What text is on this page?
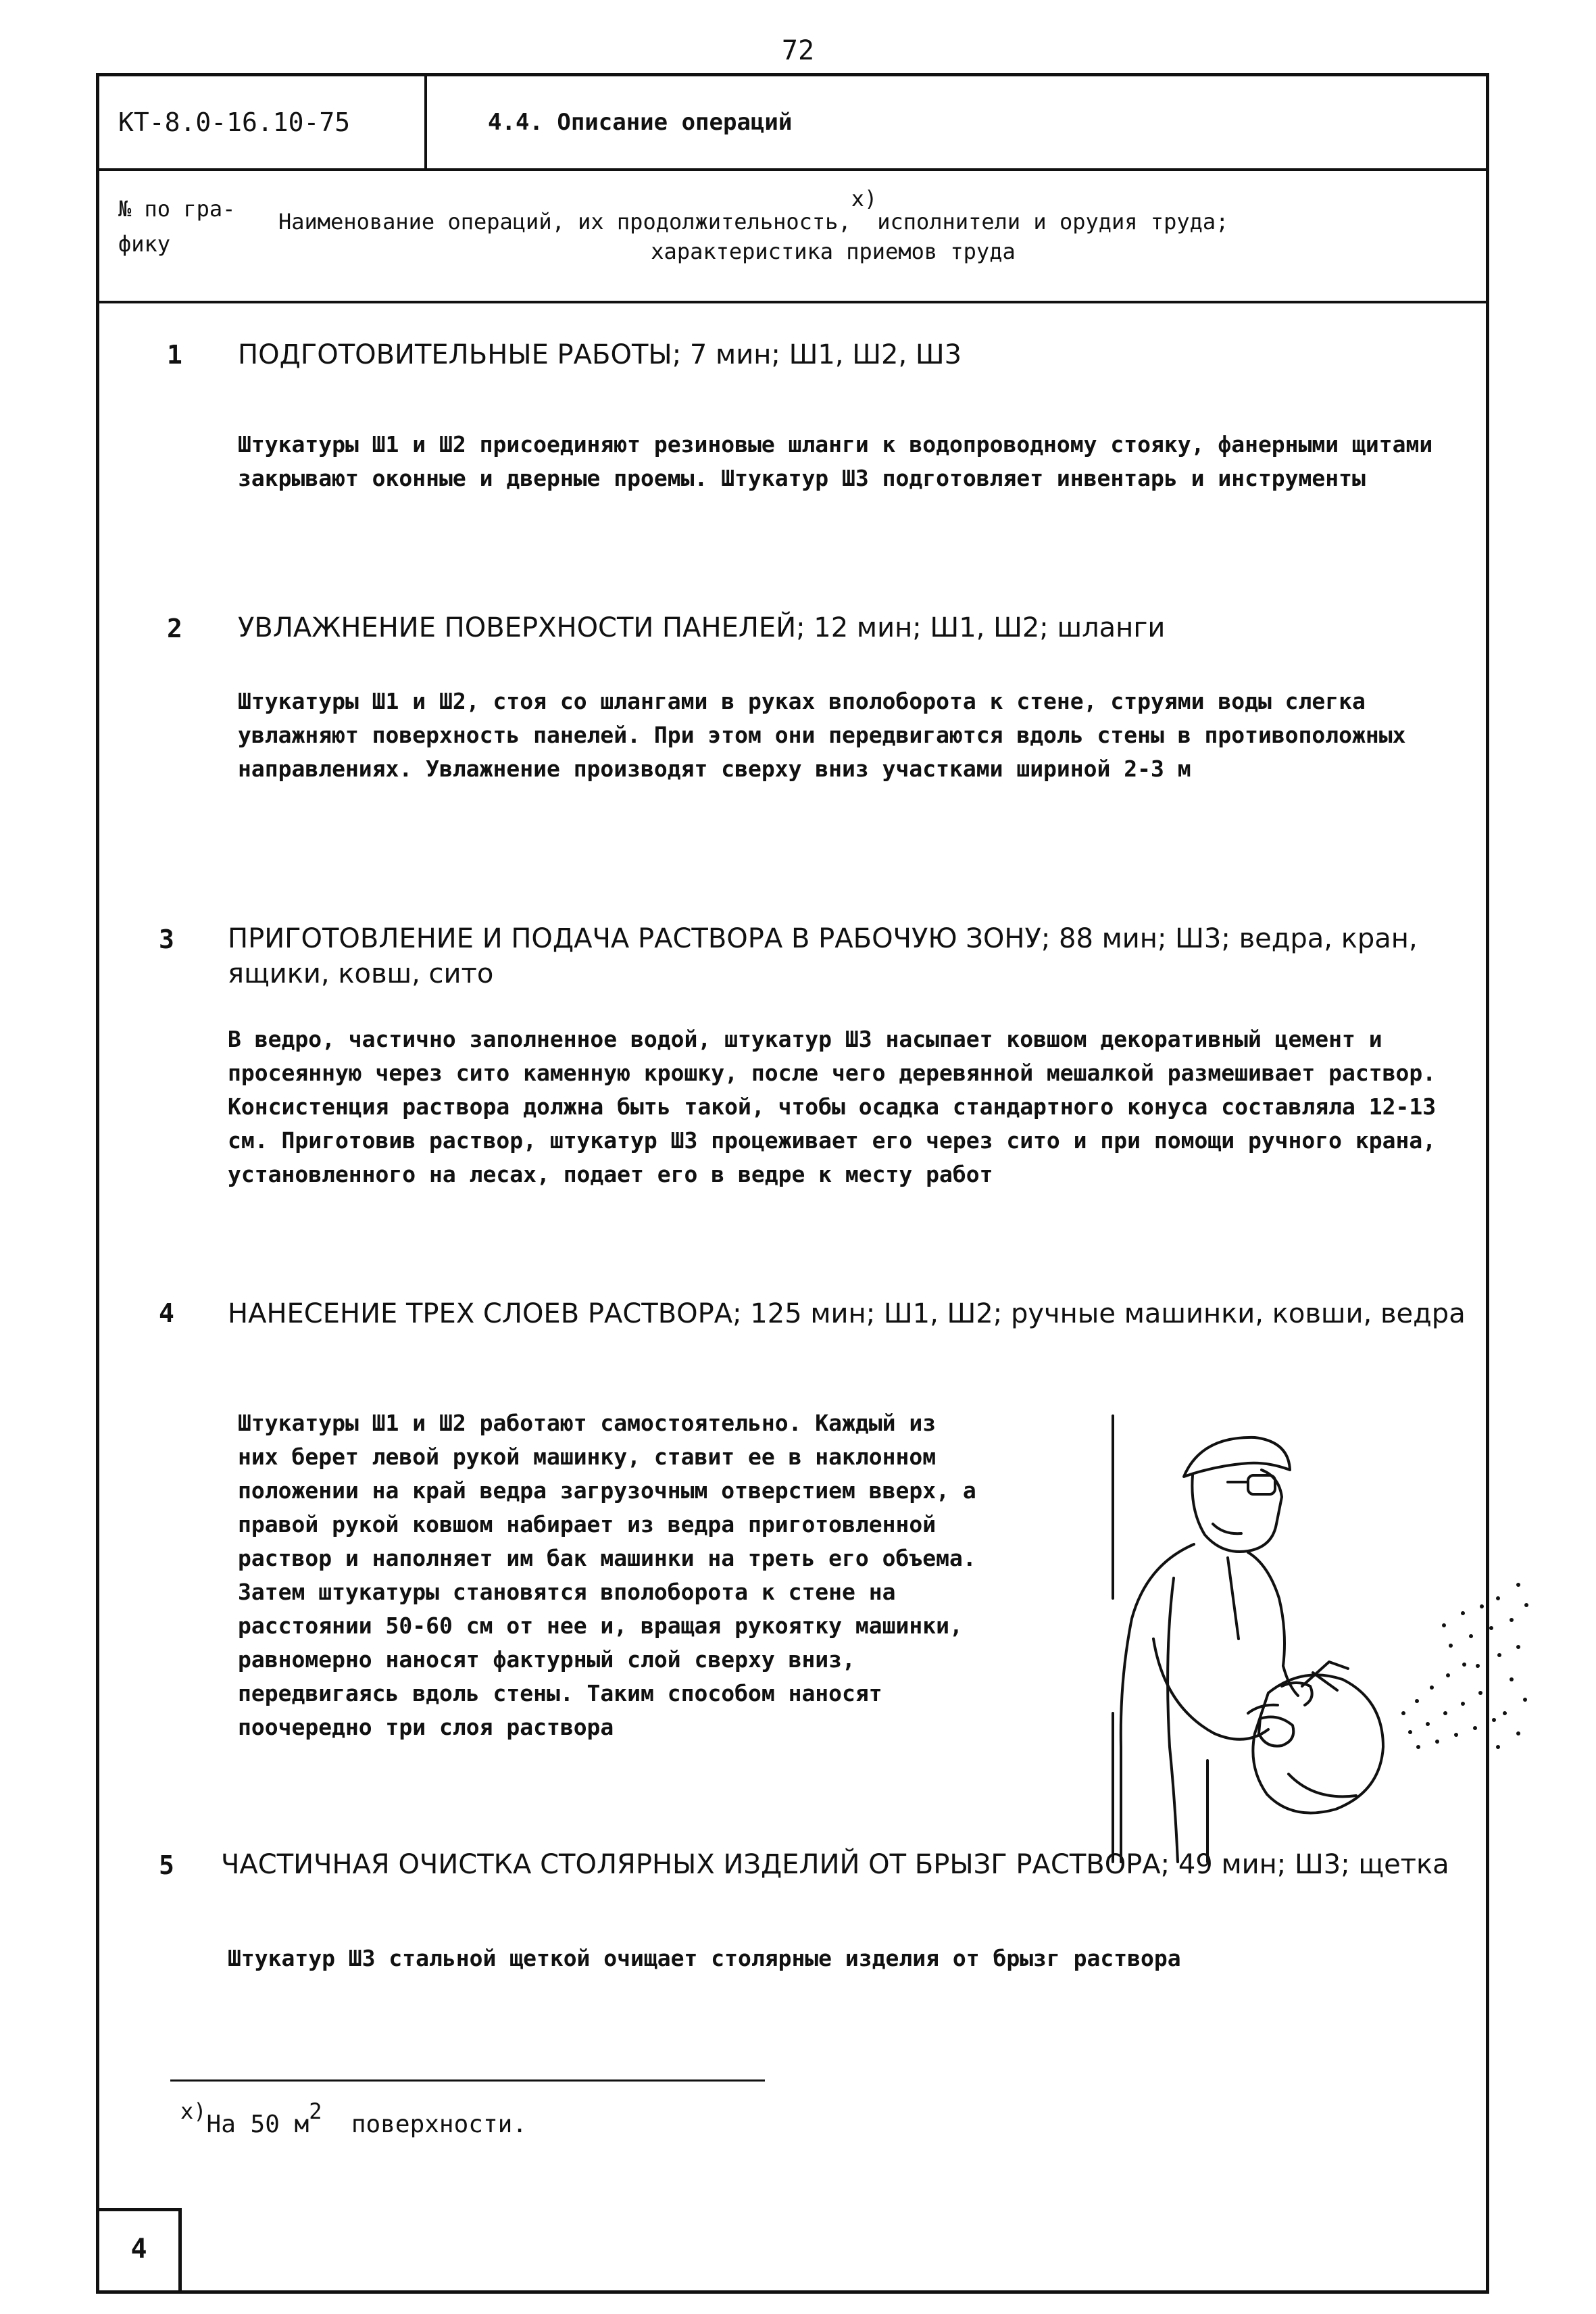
72
КТ-8.0-16.10-75	4.4. Описание операций
№ по гра- фику
Наименование операций, их продолжительность,$^{x)}$исполнители и орудия труда;
характеристика приемов труда
1 ПОДГОТОВИТЕЛЬНЫЕ РАБОТЫ; 7 мин; Ш1, Ш2, Ш3
Штукатуры Ш1 и Ш2 присоединяют резиновые шланги к водопроводному стояку, фанерными щитами закрывают оконные и дверные проемы. Штукатур Ш3 подготовляет инвентарь и инструменты
2 УВЛАЖНЕНИЕ ПОВЕРХНОСТИ ПАНЕЛЕЙ; 12 мин; Ш1, Ш2; шланги
Штукатуры Ш1 и Ш2, стоя со шлангами в руках вполоборота к стене, струями воды слегка увлажняют поверхность панелей. При этом они передвигаются вдоль стены в противоположных направлениях. Увлажнение производят сверху вниз участками шириной 2-3 м
3 ПРИГОТОВЛЕНИЕ И ПОДАЧА РАСТВОРА В РАБОЧУЮ ЗОНУ; 88 мин; Ш3; ведра, кран, ящики, ковш, сито
В ведро, частично заполненное водой, штукатур Ш3 насыпает ковшом декоративный цемент и просеянную через сито каменную крошку, после чего деревянной мешалкой размешивает раствор. Консистенция раствора должна быть такой, чтобы осадка стандартного конуса составляла 12-13 см. Приготовив раствор, штукатур Ш3 процеживает его через сито и при помощи ручного крана, установленного на лесах, подает его в ведре к месту работ
4 НАНЕСЕНИЕ ТРЕХ СЛОЕВ РАСТВОРА; 125 мин; Ш1, Ш2; ручные машинки, ковши, ведра
Штукатуры Ш1 и Ш2 работают самостоятельно. Каждый из них берет левой рукой машинку, ставит ее в наклонном положении на край ведра загрузочным отверстием вверх, а правой рукой ковшом набирает из ведра приготовленной раствор и наполняет им бак машинки на треть его объема. Затем штукатуры становятся вполоборота к стене на расстоянии 50-60 см от нее и, вращая рукоятку машинки, равномерно наносят фактурный слой сверху вниз, передвигаясь вдоль стены. Таким способом наносят поочередно три слоя раствора
5 ЧАСТИЧНАЯ ОЧИСТКА СТОЛЯРНЫХ ИЗДЕЛИЙ ОТ БРЫЗГ РАСТВОРА; 49 мин; Ш3; щетка
Штукатур Ш3 стальной щеткой очищает столярные изделия от брызг раствора
$^{x)}$На 50 $м^2$ поверхности.
4
